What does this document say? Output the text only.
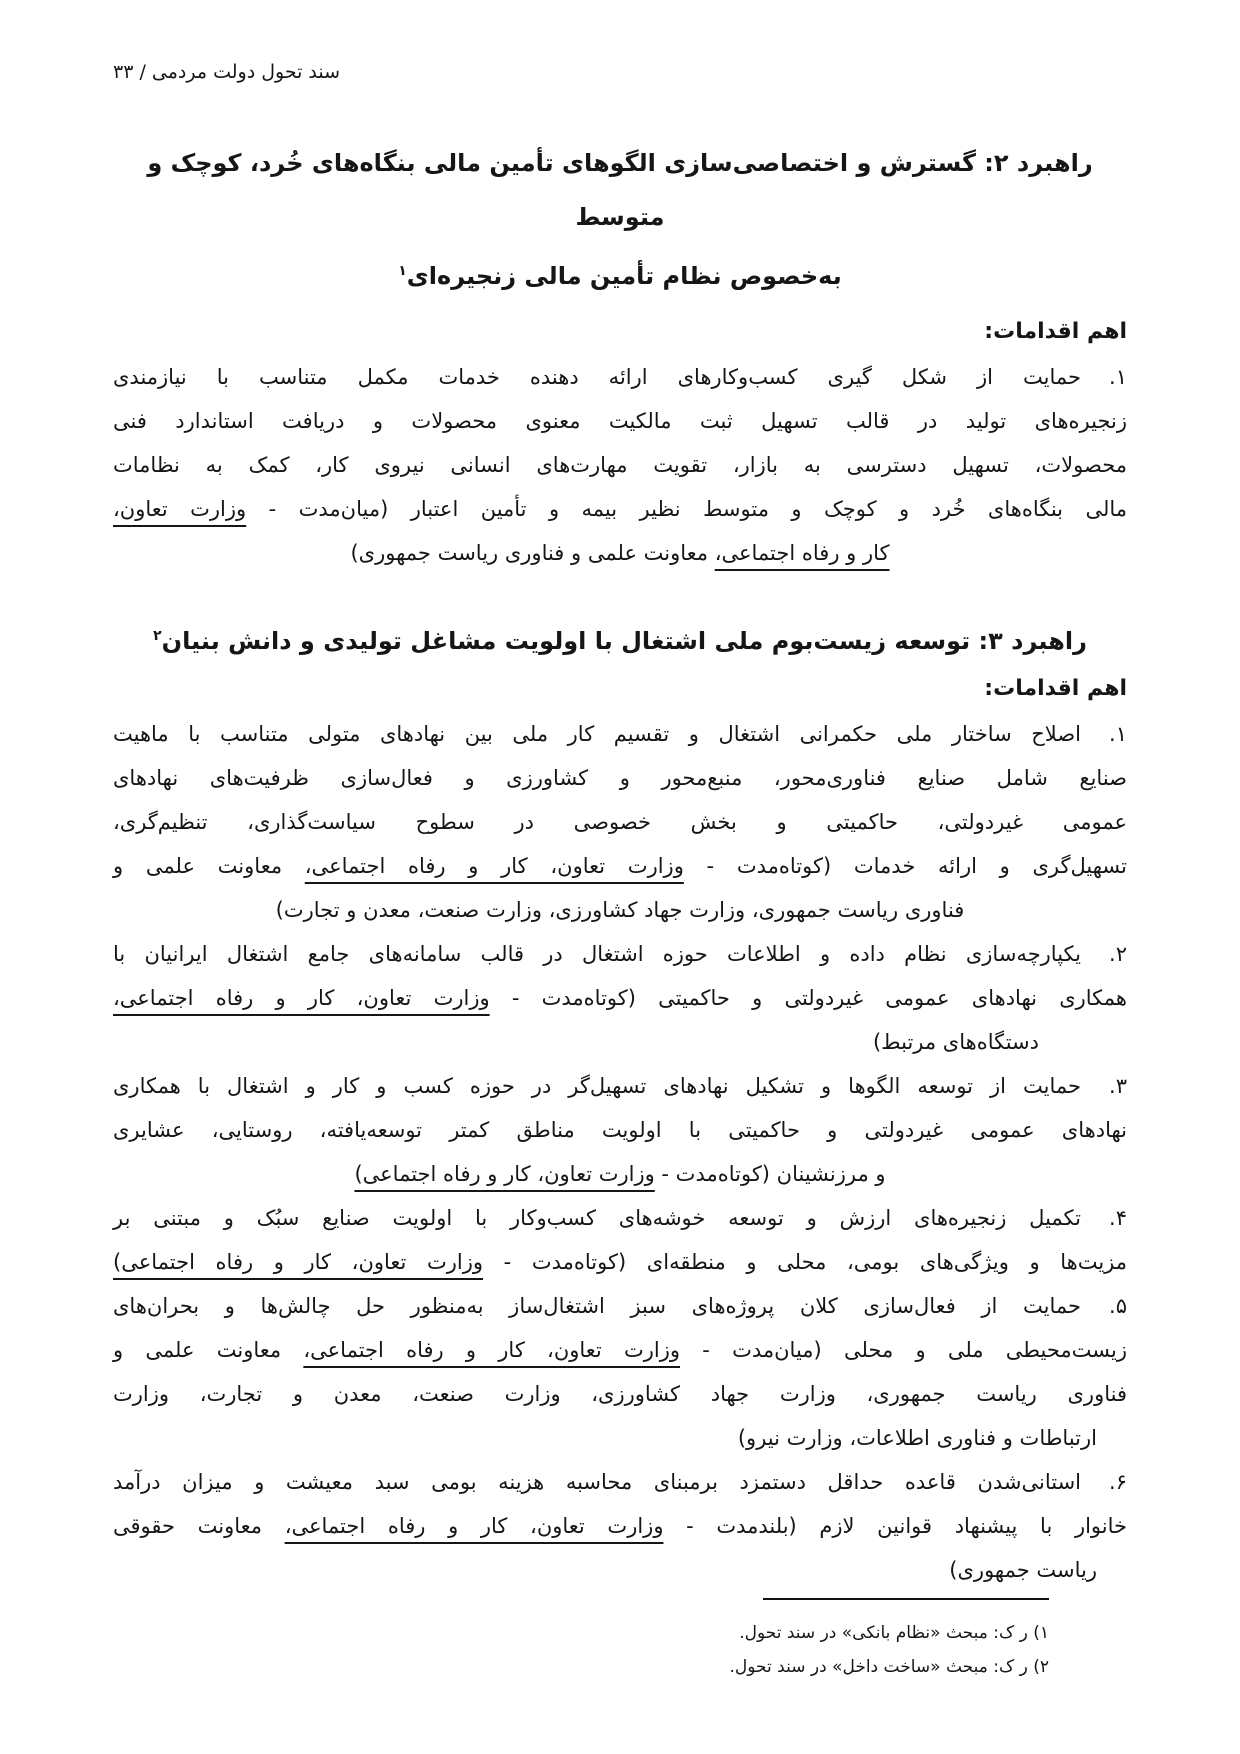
سند تحول دولت مردمی / ۳۳
راهبرد ۲: گسترش و اختصاصی‌سازی الگوهای تأمین مالی بنگاه‌های خُرد، کوچک و متوسط
به‌خصوص نظام تأمین مالی زنجیره‌ای$^۱$
اهم اقدامات:
۱.
حمایت از شکل گیری کسب‌وکارهای ارائه دهنده خدمات مکمل متناسب با نیازمندی
زنجیره‌های تولید در قالب تسهیل ثبت مالکیت معنوی محصولات و دریافت استاندارد فنی
محصولات، تسهیل دسترسی به بازار، تقویت مهارت‌های انسانی نیروی کار، کمک به نظامات
مالی بنگاه‌های خُرد و کوچک و متوسط نظیر بیمه و تأمین اعتبار (میان‌مدت - وزارت تعاون،
کار و رفاه اجتماعی، معاونت علمی و فناوری ریاست جمهوری)
راهبرد ۳: توسعه زیست‌بوم ملی اشتغال با اولویت مشاغل تولیدی و دانش بنیان$^۲$
اهم اقدامات:
۱.
اصلاح ساختار ملی حکمرانی اشتغال و تقسیم کار ملی بین نهادهای متولی متناسب با ماهیت
صنایع شامل صنایع فناوری‌محور، منبع‌محور و کشاورزی و فعال‌سازی ظرفیت‌های نهادهای
عمومی غیردولتی، حاکمیتی و بخش خصوصی در سطوح سیاست‌گذاری، تنظیم‌گری،
تسهیل‌گری و ارائه خدمات (کوتاه‌مدت - وزارت تعاون، کار و رفاه اجتماعی، معاونت علمی و
فناوری ریاست جمهوری، وزارت جهاد کشاورزی، وزارت صنعت، معدن و تجارت)
۲.
یکپارچه‌سازی نظام داده و اطلاعات حوزه اشتغال در قالب سامانه‌های جامع اشتغال ایرانیان با
همکاری نهادهای عمومی غیردولتی و حاکمیتی (کوتاه‌مدت - وزارت تعاون، کار و رفاه اجتماعی،
دستگاه‌های مرتبط)
۳.
حمایت از توسعه الگوها و تشکیل نهادهای تسهیل‌گر در حوزه کسب و کار و اشتغال با همکاری
نهادهای عمومی غیردولتی و حاکمیتی با اولویت مناطق کمتر توسعه‌یافته، روستایی، عشایری
و مرزنشینان (کوتاه‌مدت - وزارت تعاون، کار و رفاه اجتماعی)
۴.
تکمیل زنجیره‌های ارزش و توسعه خوشه‌های کسب‌وکار با اولویت صنایع سبُک و مبتنی بر
مزیت‌ها و ویژگی‌های بومی، محلی و منطقه‌ای (کوتاه‌مدت - وزارت تعاون، کار و رفاه اجتماعی)
۵.
حمایت از فعال‌سازی کلان پروژه‌های سبز اشتغال‌ساز به‌منظور حل چالش‌ها و بحران‌های
زیست‌محیطی ملی و محلی (میان‌مدت - وزارت تعاون، کار و رفاه اجتماعی، معاونت علمی و
فناوری ریاست جمهوری، وزارت جهاد کشاورزی، وزارت صنعت، معدن و تجارت، وزارت
ارتباطات و فناوری اطلاعات، وزارت نیرو)
۶.
استانی‌شدن قاعده حداقل دستمزد برمبنای محاسبه هزینه بومی سبد معیشت و میزان درآمد
خانوار با پیشنهاد قوانین لازم (بلندمدت - وزارت تعاون، کار و رفاه اجتماعی، معاونت حقوقی
ریاست جمهوری)
۱) ر ک: مبحث «نظام بانکی» در سند تحول.
۲) ر ک: مبحث «ساخت داخل» در سند تحول.
